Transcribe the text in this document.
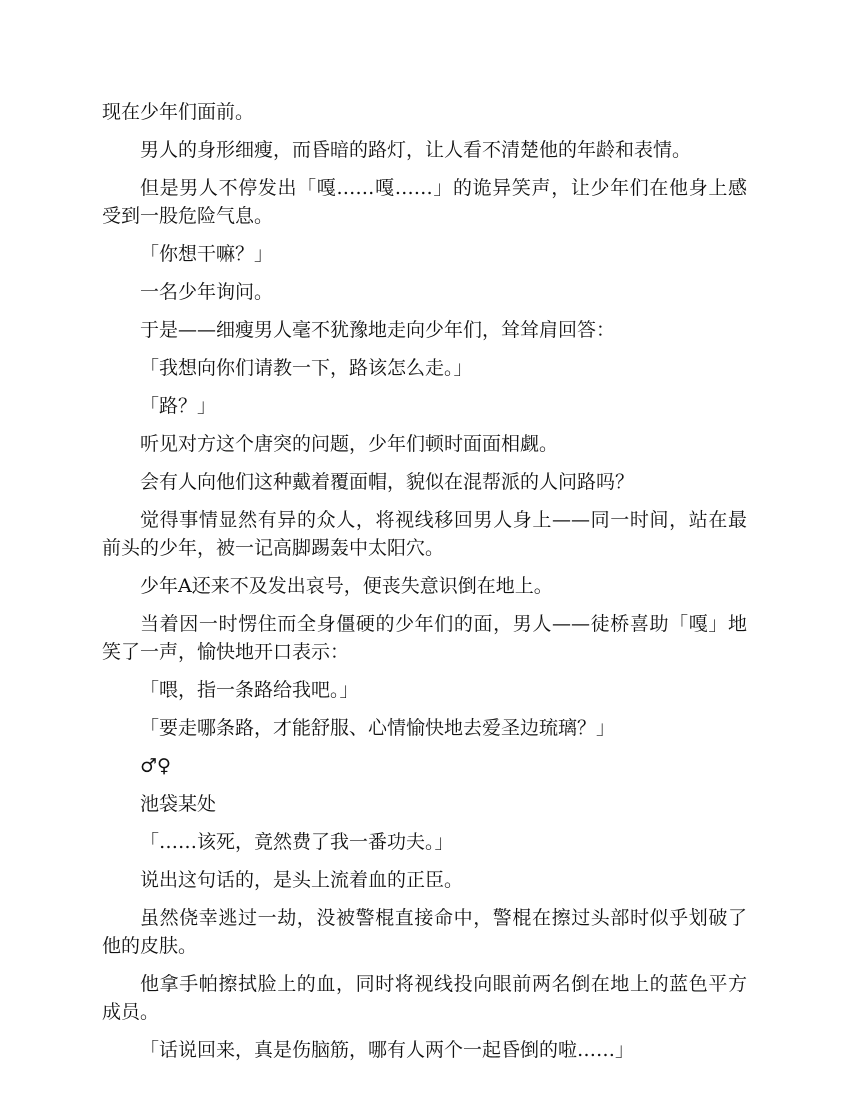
现在少年们面前。

男人的身形细瘦，而昏暗的路灯，让人看不清楚他的年龄和表情。

但是男人不停发出「嘎……嘎……」的诡异笑声，让少年们在他身上感受到一股危险气息。

「你想干嘛？」

一名少年询问。

于是——细瘦男人毫不犹豫地走向少年们，耸耸肩回答：

「我想向你们请教一下，路该怎么走。」

「路？」

听见对方这个唐突的问题，少年们顿时面面相觑。

会有人向他们这种戴着覆面帽，貌似在混帮派的人问路吗？

觉得事情显然有异的众人，将视线移回男人身上——同一时间，站在最前头的少年，被一记高脚踢轰中太阳穴。

少年A还来不及发出哀号，便丧失意识倒在地上。

当着因一时愣住而全身僵硬的少年们的面，男人——徒桥喜助「嘎」地笑了一声，愉快地开口表示：

「喂，指一条路给我吧。」

「要走哪条路，才能舒服、心情愉快地去爱圣边琉璃？」

♂♀

池袋某处

「……该死，竟然费了我一番功夫。」

说出这句话的，是头上流着血的正臣。

虽然侥幸逃过一劫，没被警棍直接命中，警棍在擦过头部时似乎划破了他的皮肤。

他拿手帕擦拭脸上的血，同时将视线投向眼前两名倒在地上的蓝色平方成员。

「话说回来，真是伤脑筋，哪有人两个一起昏倒的啦……」
